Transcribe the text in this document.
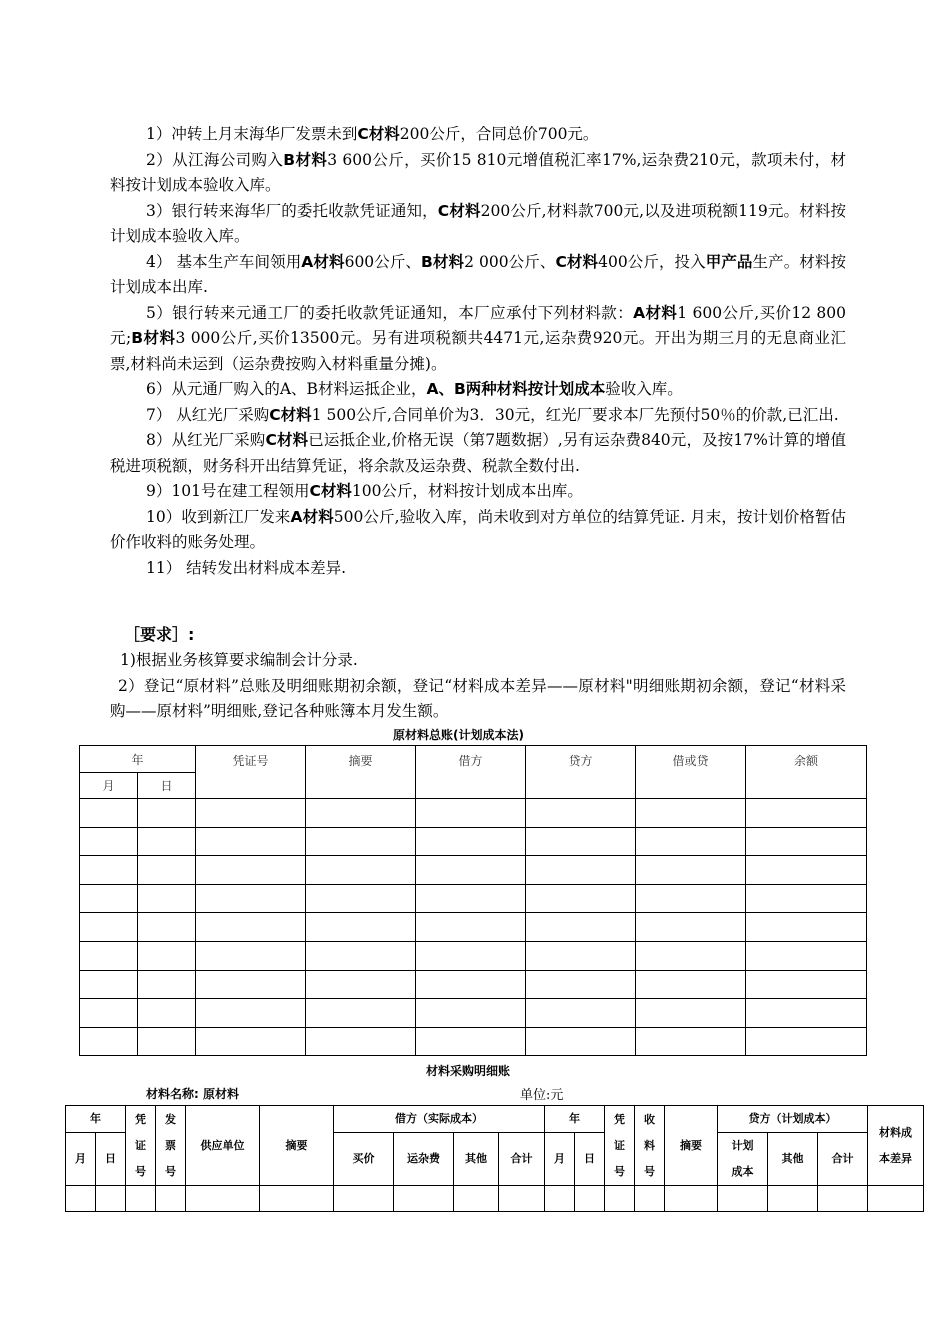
1）冲转上月末海华厂发票未到C材料200公斤，合同总价700元。

2）从江海公司购入B材料3 600公斤，买价15 810元增值税汇率17%,运杂费210元，款项未付，材料按计划成本验收入库。

3）银行转来海华厂的委托收款凭证通知，C材料200公斤,材料款700元,以及进项税额119元。材料按计划成本验收入库。

4） 基本生产车间领用A材料600公斤、B材料2 000公斤、C材料400公斤，投入甲产品生产。材料按计划成本出库.

5）银行转来元通工厂的委托收款凭证通知，本厂应承付下列材料款：A材料1 600公斤,买价12 800元;B材料3 000公斤,买价13500元。另有进项税额共4471元,运杂费920元。开出为期三月的无息商业汇票,材料尚未运到（运杂费按购入材料重量分摊)。

6）从元通厂购入的A、B材料运抵企业，A、B两种材料按计划成本验收入库。

7） 从红光厂采购C材料1 500公斤,合同单价为3．30元，红光厂要求本厂先预付50％的价款,已汇出.

8）从红光厂采购C材料已运抵企业,价格无误（第7题数据）,另有运杂费840元，及按17%计算的增值税进项税额，财务科开出结算凭证，将余款及运杂费、税款全数付出.

9）101号在建工程领用C材料100公斤，材料按计划成本出库。

10）收到新江厂发来A材料500公斤,验收入库，尚未收到对方单位的结算凭证. 月末，按计划价格暂估价作收料的账务处理。

11） 结转发出材料成本差异.

［要求］:

1)根据业务核算要求编制会计分录.

2）登记“原材料”总账及明细账期初余额，登记“材料成本差异——原材料"明细账期初余额，登记“材料采购——原材料”明细账,登记各种账簿本月发生额。

原材料总账(计划成本法)
年		凭证号	摘要	借方	贷方	借或贷	余额
月	日						

材料采购明细账
材料名称: 原材料	单位:元
年		凭
证
号	发
票
号	供应单位	摘要	借方（实际成本）				年		凭
证
号	收
料
号	摘要	贷方（计划成本）			材料成
本差异

月	日					买价	运杂费	其他	合计	月	日				计划
成本	其他	合计	
